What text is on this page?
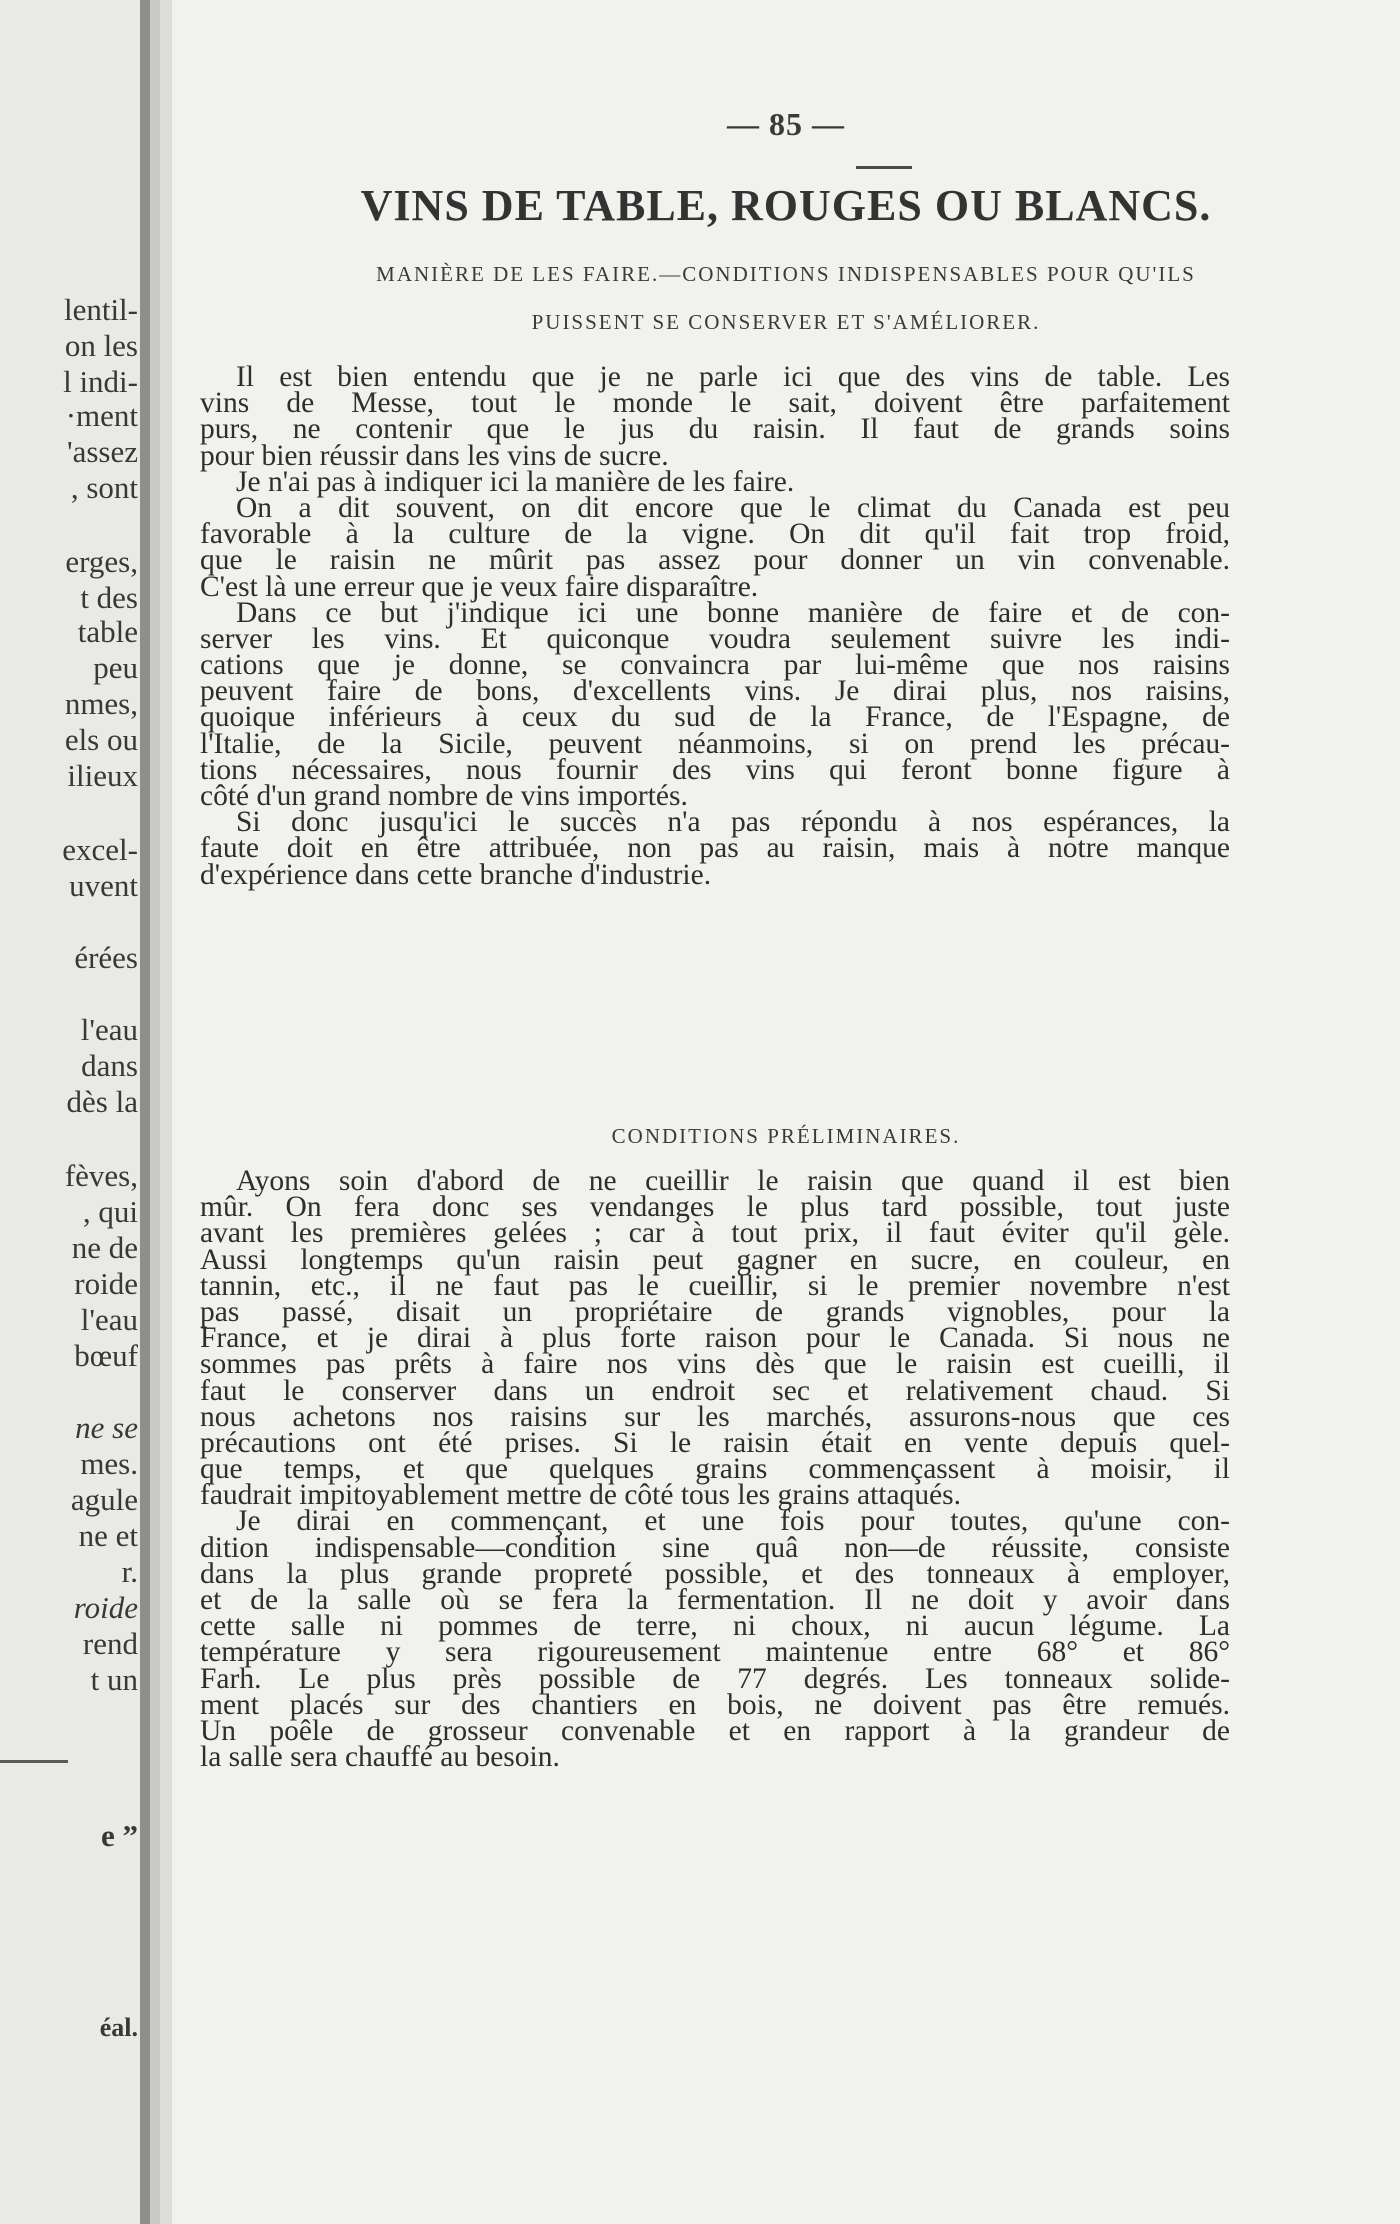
lentil-
on les
l indi-
·ment
'assez
, sont
erges,
t des
table
peu
nmes,
els ou
ilieux
excel-
uvent
érées
l'eau
dans
dès la
fèves,
, qui
ne de
roide
l'eau
bœuf
ne se
mes.
agule
ne et
r.
roide
rend
t un
e ”
éal.
— 85 —
VINS DE TABLE, ROUGES OU BLANCS.
MANIÈRE DE LES FAIRE.—CONDITIONS INDISPENSABLES POUR QU'ILS
PUISSENT SE CONSERVER ET S'AMÉLIORER.
CONDITIONS PRÉLIMINAIRES.
Il est bien entendu que je ne parle ici que des vins de table. Les
vins de Messe, tout le monde le sait, doivent être parfaitement
purs, ne contenir que le jus du raisin. Il faut de grands soins
pour bien réussir dans les vins de sucre.
Je n'ai pas à indiquer ici la manière de les faire.
On a dit souvent, on dit encore que le climat du Canada est peu
favorable à la culture de la vigne. On dit qu'il fait trop froid,
que le raisin ne mûrit pas assez pour donner un vin convenable.
C'est là une erreur que je veux faire disparaître.
Dans ce but j'indique ici une bonne manière de faire et de con-
server les vins. Et quiconque voudra seulement suivre les indi-
cations que je donne, se convaincra par lui-même que nos raisins
peuvent faire de bons, d'excellents vins. Je dirai plus, nos raisins,
quoique inférieurs à ceux du sud de la France, de l'Espagne, de
l'Italie, de la Sicile, peuvent néanmoins, si on prend les précau-
tions nécessaires, nous fournir des vins qui feront bonne figure à
côté d'un grand nombre de vins importés.
Si donc jusqu'ici le succès n'a pas répondu à nos espérances, la
faute doit en être attribuée, non pas au raisin, mais à notre manque
d'expérience dans cette branche d'industrie.
Ayons soin d'abord de ne cueillir le raisin que quand il est bien
mûr. On fera donc ses vendanges le plus tard possible, tout juste
avant les premières gelées ; car à tout prix, il faut éviter qu'il gèle.
Aussi longtemps qu'un raisin peut gagner en sucre, en couleur, en
tannin, etc., il ne faut pas le cueillir, si le premier novembre n'est
pas passé, disait un propriétaire de grands vignobles, pour la
France, et je dirai à plus forte raison pour le Canada. Si nous ne
sommes pas prêts à faire nos vins dès que le raisin est cueilli, il
faut le conserver dans un endroit sec et relativement chaud. Si
nous achetons nos raisins sur les marchés, assurons-nous que ces
précautions ont été prises. Si le raisin était en vente depuis quel-
que temps, et que quelques grains commençassent à moisir, il
faudrait impitoyablement mettre de côté tous les grains attaqués.
Je dirai en commençant, et une fois pour toutes, qu'une con-
dition indispensable—condition sine quâ non—de réussite, consiste
dans la plus grande propreté possible, et des tonneaux à employer,
et de la salle où se fera la fermentation. Il ne doit y avoir dans
cette salle ni pommes de terre, ni choux, ni aucun légume. La
température y sera rigoureusement maintenue entre 68° et 86°
Farh. Le plus près possible de 77 degrés. Les tonneaux solide-
ment placés sur des chantiers en bois, ne doivent pas être remués.
Un poêle de grosseur convenable et en rapport à la grandeur de
la salle sera chauffé au besoin.
